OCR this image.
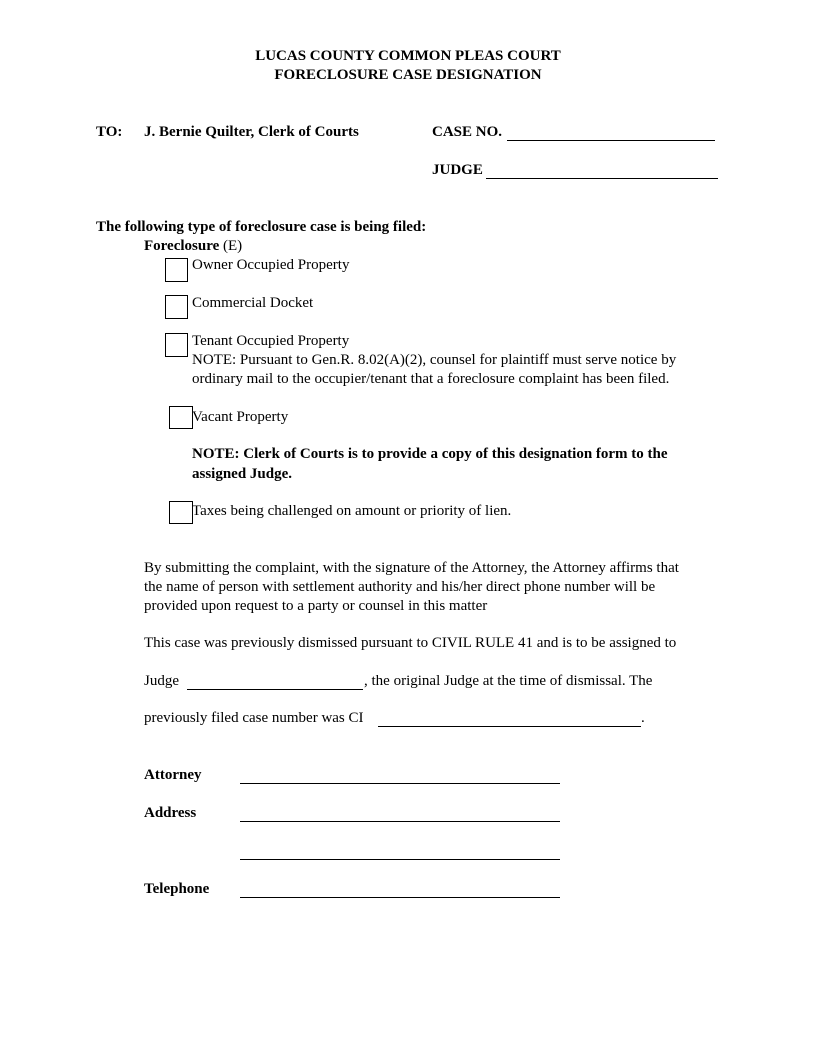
LUCAS COUNTY COMMON PLEAS COURT
FORECLOSURE CASE DESIGNATION
TO: J. Bernie Quilter, Clerk of Courts	CASE NO.
JUDGE
The following type of foreclosure case is being filed:
Foreclosure (E)
Owner Occupied Property
Commercial Docket
Tenant Occupied Property
NOTE: Pursuant to Gen.R. 8.02(A)(2), counsel for plaintiff must serve notice by
ordinary mail to the occupier/tenant that a foreclosure complaint has been filed.
Vacant Property
NOTE: Clerk of Courts is to provide a copy of this designation form to the
assigned Judge.
Taxes being challenged on amount or priority of lien.
By submitting the complaint, with the signature of the Attorney, the Attorney affirms that
the name of person with settlement authority and his/her direct phone number will be
provided upon request to a party or counsel in this matter
This case was previously dismissed pursuant to CIVIL RULE 41 and is to be assigned to
Judge	, the original Judge at the time of dismissal. The
previously filed case number was CI	.
Attorney
Address
Telephone
